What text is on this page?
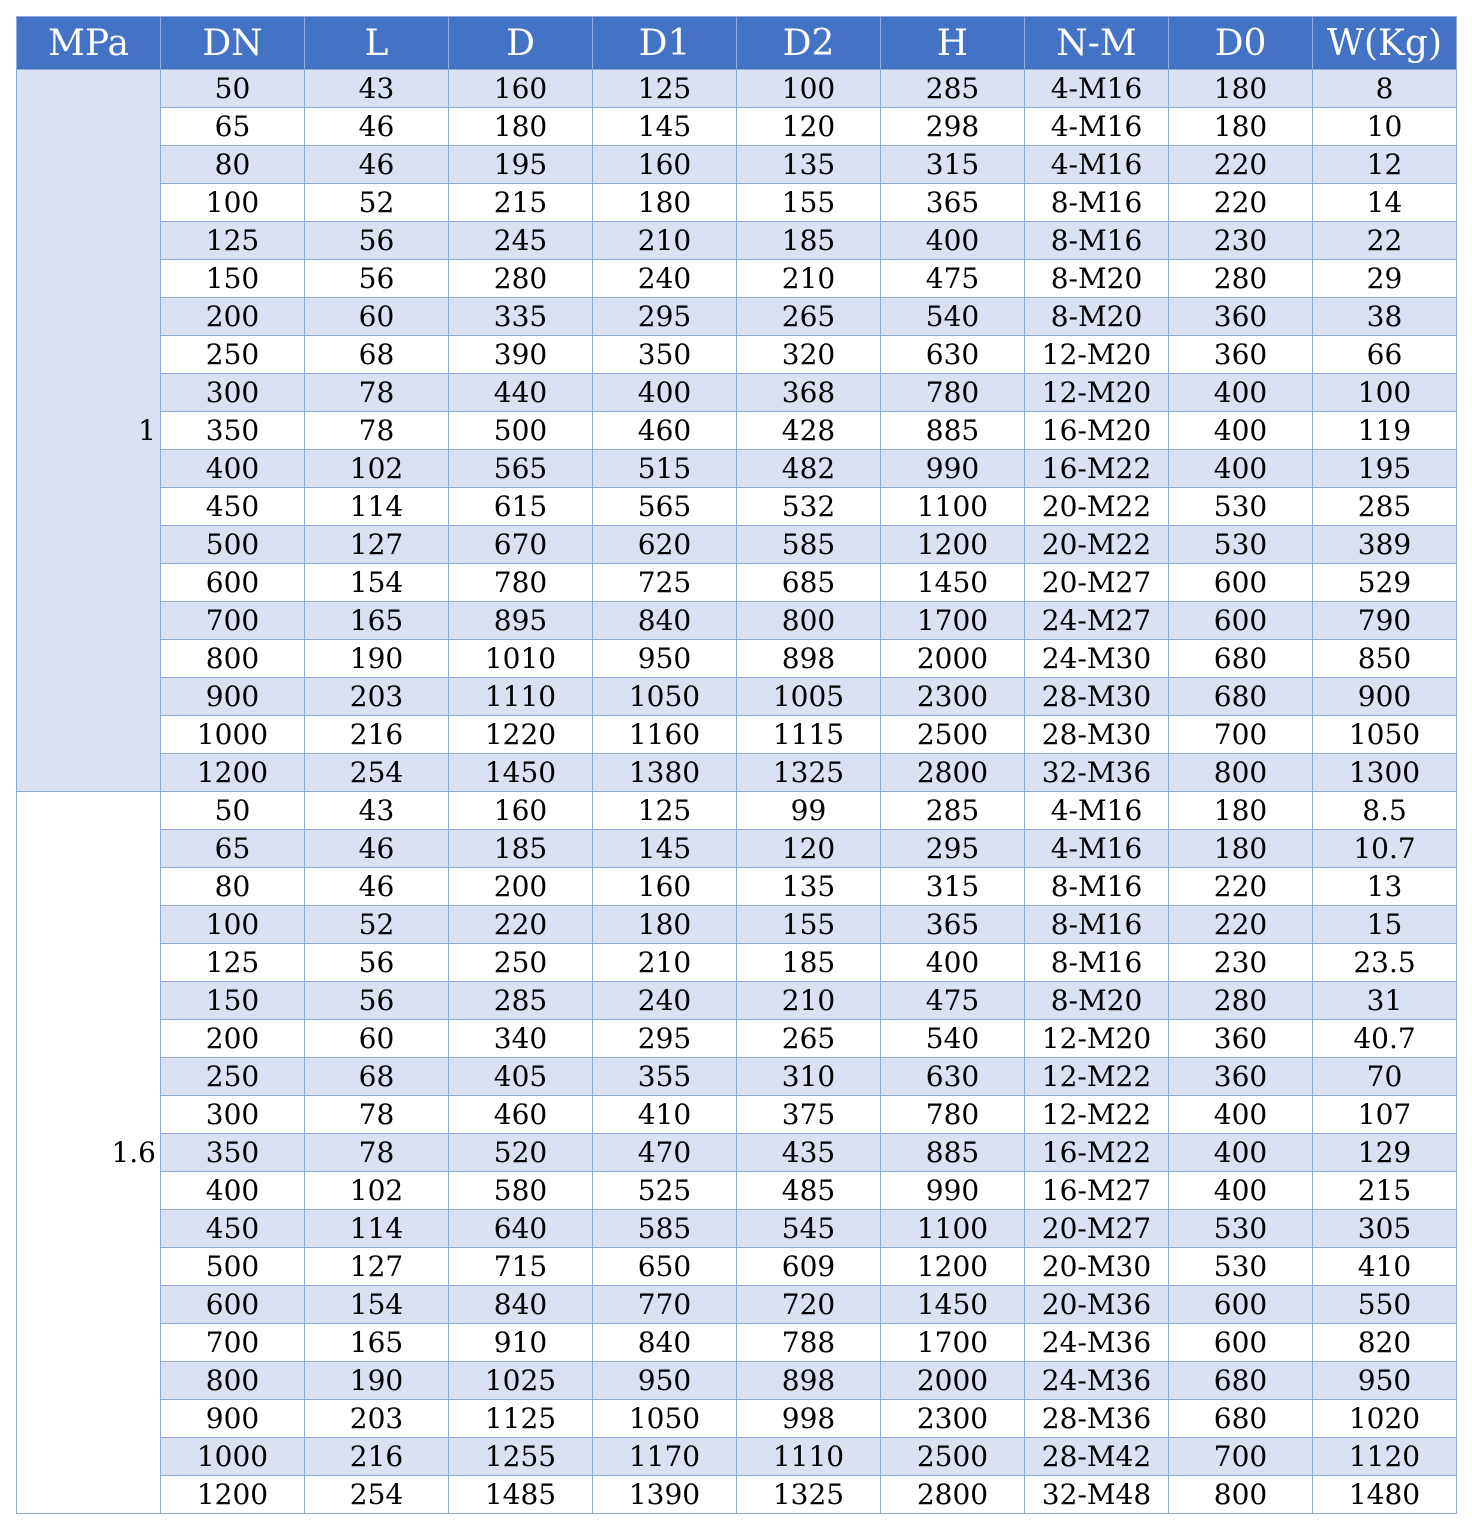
MPa	DN	L	D	D1	D2	H	N-M	D0	W(Kg)
1	50	43	160	125	100	285	4-M16	180	8
	65	46	180	145	120	298	4-M16	180	10
	80	46	195	160	135	315	4-M16	220	12
	100	52	215	180	155	365	8-M16	220	14
	125	56	245	210	185	400	8-M16	230	22
	150	56	280	240	210	475	8-M20	280	29
	200	60	335	295	265	540	8-M20	360	38
	250	68	390	350	320	630	12-M20	360	66
	300	78	440	400	368	780	12-M20	400	100
	350	78	500	460	428	885	16-M20	400	119
	400	102	565	515	482	990	16-M22	400	195
	450	114	615	565	532	1100	20-M22	530	285
	500	127	670	620	585	1200	20-M22	530	389
	600	154	780	725	685	1450	20-M27	600	529
	700	165	895	840	800	1700	24-M27	600	790
	800	190	1010	950	898	2000	24-M30	680	850
	900	203	1110	1050	1005	2300	28-M30	680	900
	1000	216	1220	1160	1115	2500	28-M30	700	1050
	1200	254	1450	1380	1325	2800	32-M36	800	1300
1.6	50	43	160	125	99	285	4-M16	180	8.5
	65	46	185	145	120	295	4-M16	180	10.7
	80	46	200	160	135	315	8-M16	220	13
	100	52	220	180	155	365	8-M16	220	15
	125	56	250	210	185	400	8-M16	230	23.5
	150	56	285	240	210	475	8-M20	280	31
	200	60	340	295	265	540	12-M20	360	40.7
	250	68	405	355	310	630	12-M22	360	70
	300	78	460	410	375	780	12-M22	400	107
	350	78	520	470	435	885	16-M22	400	129
	400	102	580	525	485	990	16-M27	400	215
	450	114	640	585	545	1100	20-M27	530	305
	500	127	715	650	609	1200	20-M30	530	410
	600	154	840	770	720	1450	20-M36	600	550
	700	165	910	840	788	1700	24-M36	600	820
	800	190	1025	950	898	2000	24-M36	680	950
	900	203	1125	1050	998	2300	28-M36	680	1020
	1000	216	1255	1170	1110	2500	28-M42	700	1120
	1200	254	1485	1390	1325	2800	32-M48	800	1480
